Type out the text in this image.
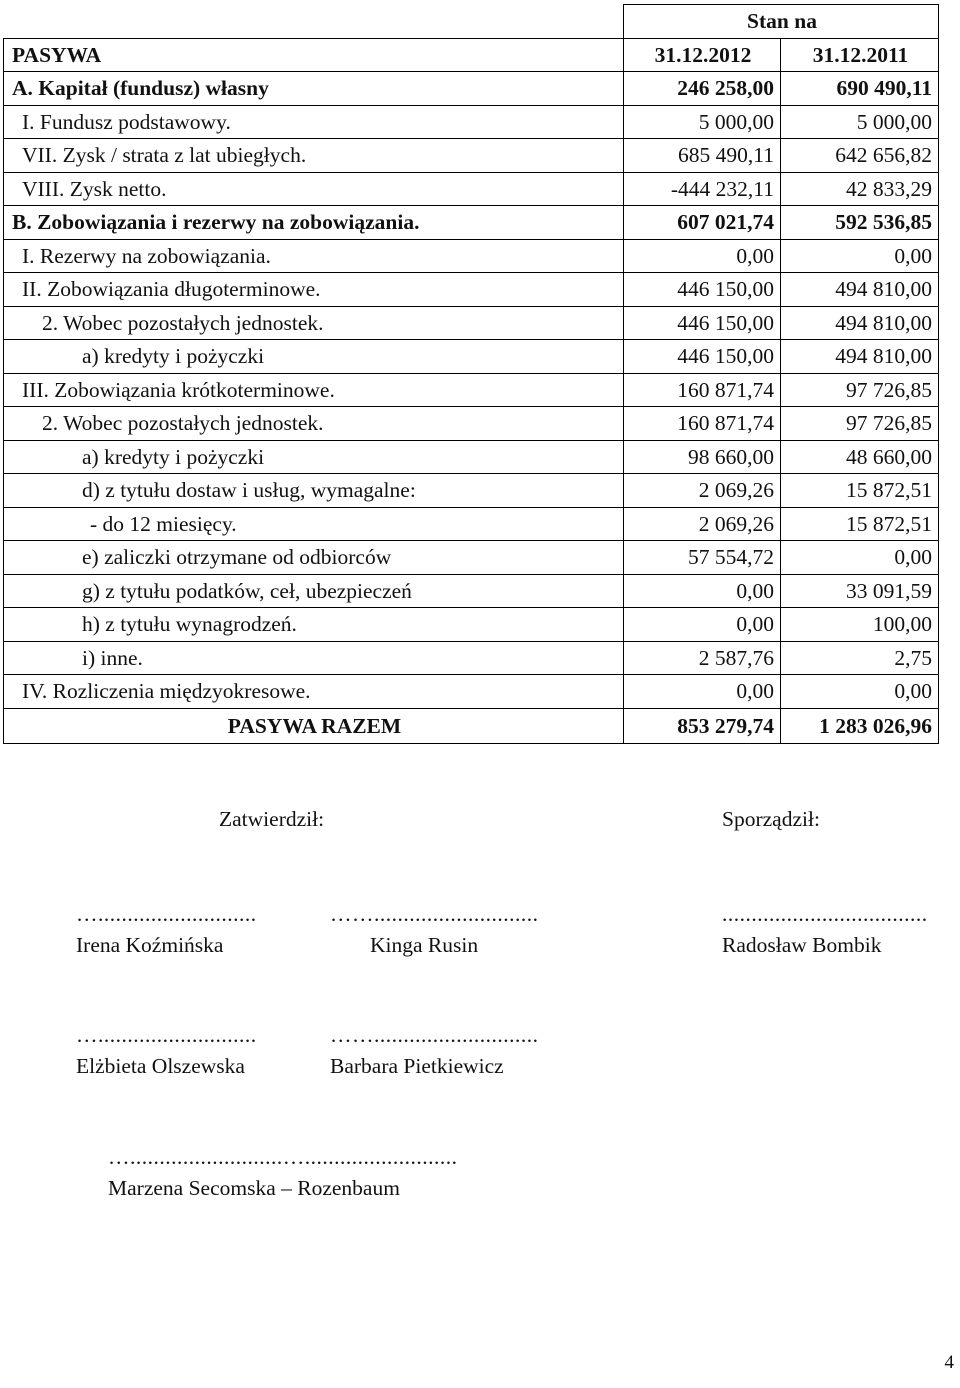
	Stan na	
PASYWA	31.12.2012	31.12.2011
A. Kapitał (fundusz) własny	246 258,00	690 490,11
I. Fundusz podstawowy.	5 000,00	5 000,00
VII. Zysk / strata z lat ubiegłych.	685 490,11	642 656,82
VIII. Zysk netto.	-444 232,11	42 833,29
B. Zobowiązania i rezerwy na zobowiązania.	607 021,74	592 536,85
I. Rezerwy na zobowiązania.	0,00	0,00
II. Zobowiązania długoterminowe.	446 150,00	494 810,00
2. Wobec pozostałych jednostek.	446 150,00	494 810,00
a) kredyty i pożyczki	446 150,00	494 810,00
III. Zobowiązania krótkoterminowe.	160 871,74	97 726,85
2. Wobec pozostałych jednostek.	160 871,74	97 726,85
a) kredyty i pożyczki	98 660,00	48 660,00
d) z tytułu dostaw i usług, wymagalne:	2 069,26	15 872,51
- do 12 miesięcy.	2 069,26	15 872,51
e) zaliczki otrzymane od odbiorców	57 554,72	0,00
g) z tytułu podatków, ceł, ubezpieczeń	0,00	33 091,59
h) z tytułu wynagrodzeń.	0,00	100,00
i) inne.	2 587,76	2,75
IV. Rozliczenia międzyokresowe.	0,00	0,00
PASYWA RAZEM	853 279,74	1 283 026,96
Zatwierdził:	Sporządził:
…...........................	……............................	...................................
Irena Koźmińska	Kinga Rusin	Radosław Bombik
…...........................	……............................
Elżbieta Olszewska	Barbara Pietkiewicz
…..........................…..........................
Marzena Secomska – Rozenbaum
4
